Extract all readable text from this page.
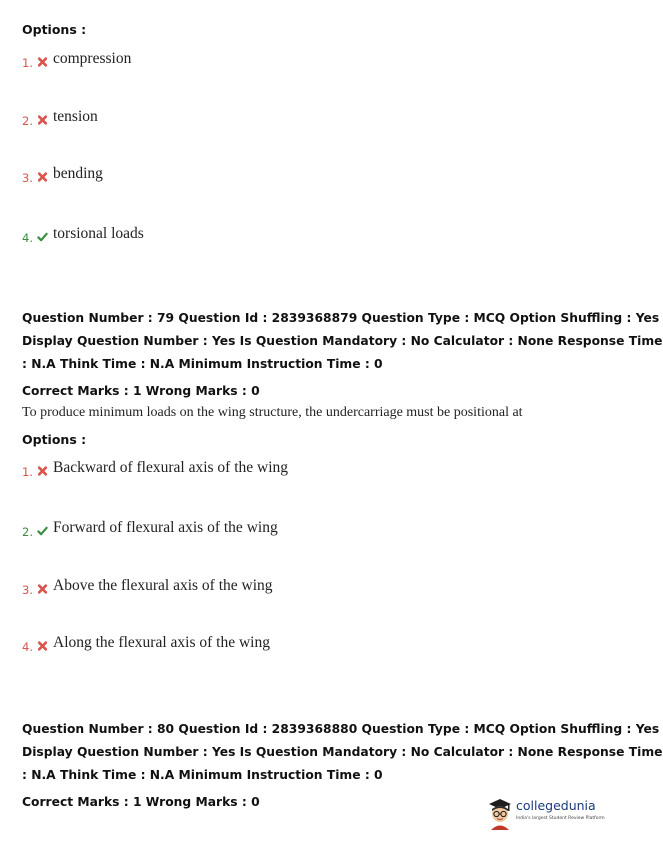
Options :
1. compression
2. tension
3. bending
4. torsional loads
Question Number : 79 Question Id : 2839368879 Question Type : MCQ Option Shuffling : Yes
Display Question Number : Yes Is Question Mandatory : No Calculator : None Response Time
: N.A Think Time : N.A Minimum Instruction Time : 0
Correct Marks : 1 Wrong Marks : 0
To produce minimum loads on the wing structure, the undercarriage must be positional at
Options :
1. Backward of flexural axis of the wing
2. Forward of flexural axis of the wing
3. Above the flexural axis of the wing
4. Along the flexural axis of the wing
Question Number : 80 Question Id : 2839368880 Question Type : MCQ Option Shuffling : Yes
Display Question Number : Yes Is Question Mandatory : No Calculator : None Response Time
: N.A Think Time : N.A Minimum Instruction Time : 0
Correct Marks : 1 Wrong Marks : 0	collegedunia
India's largest Student Review Platform
